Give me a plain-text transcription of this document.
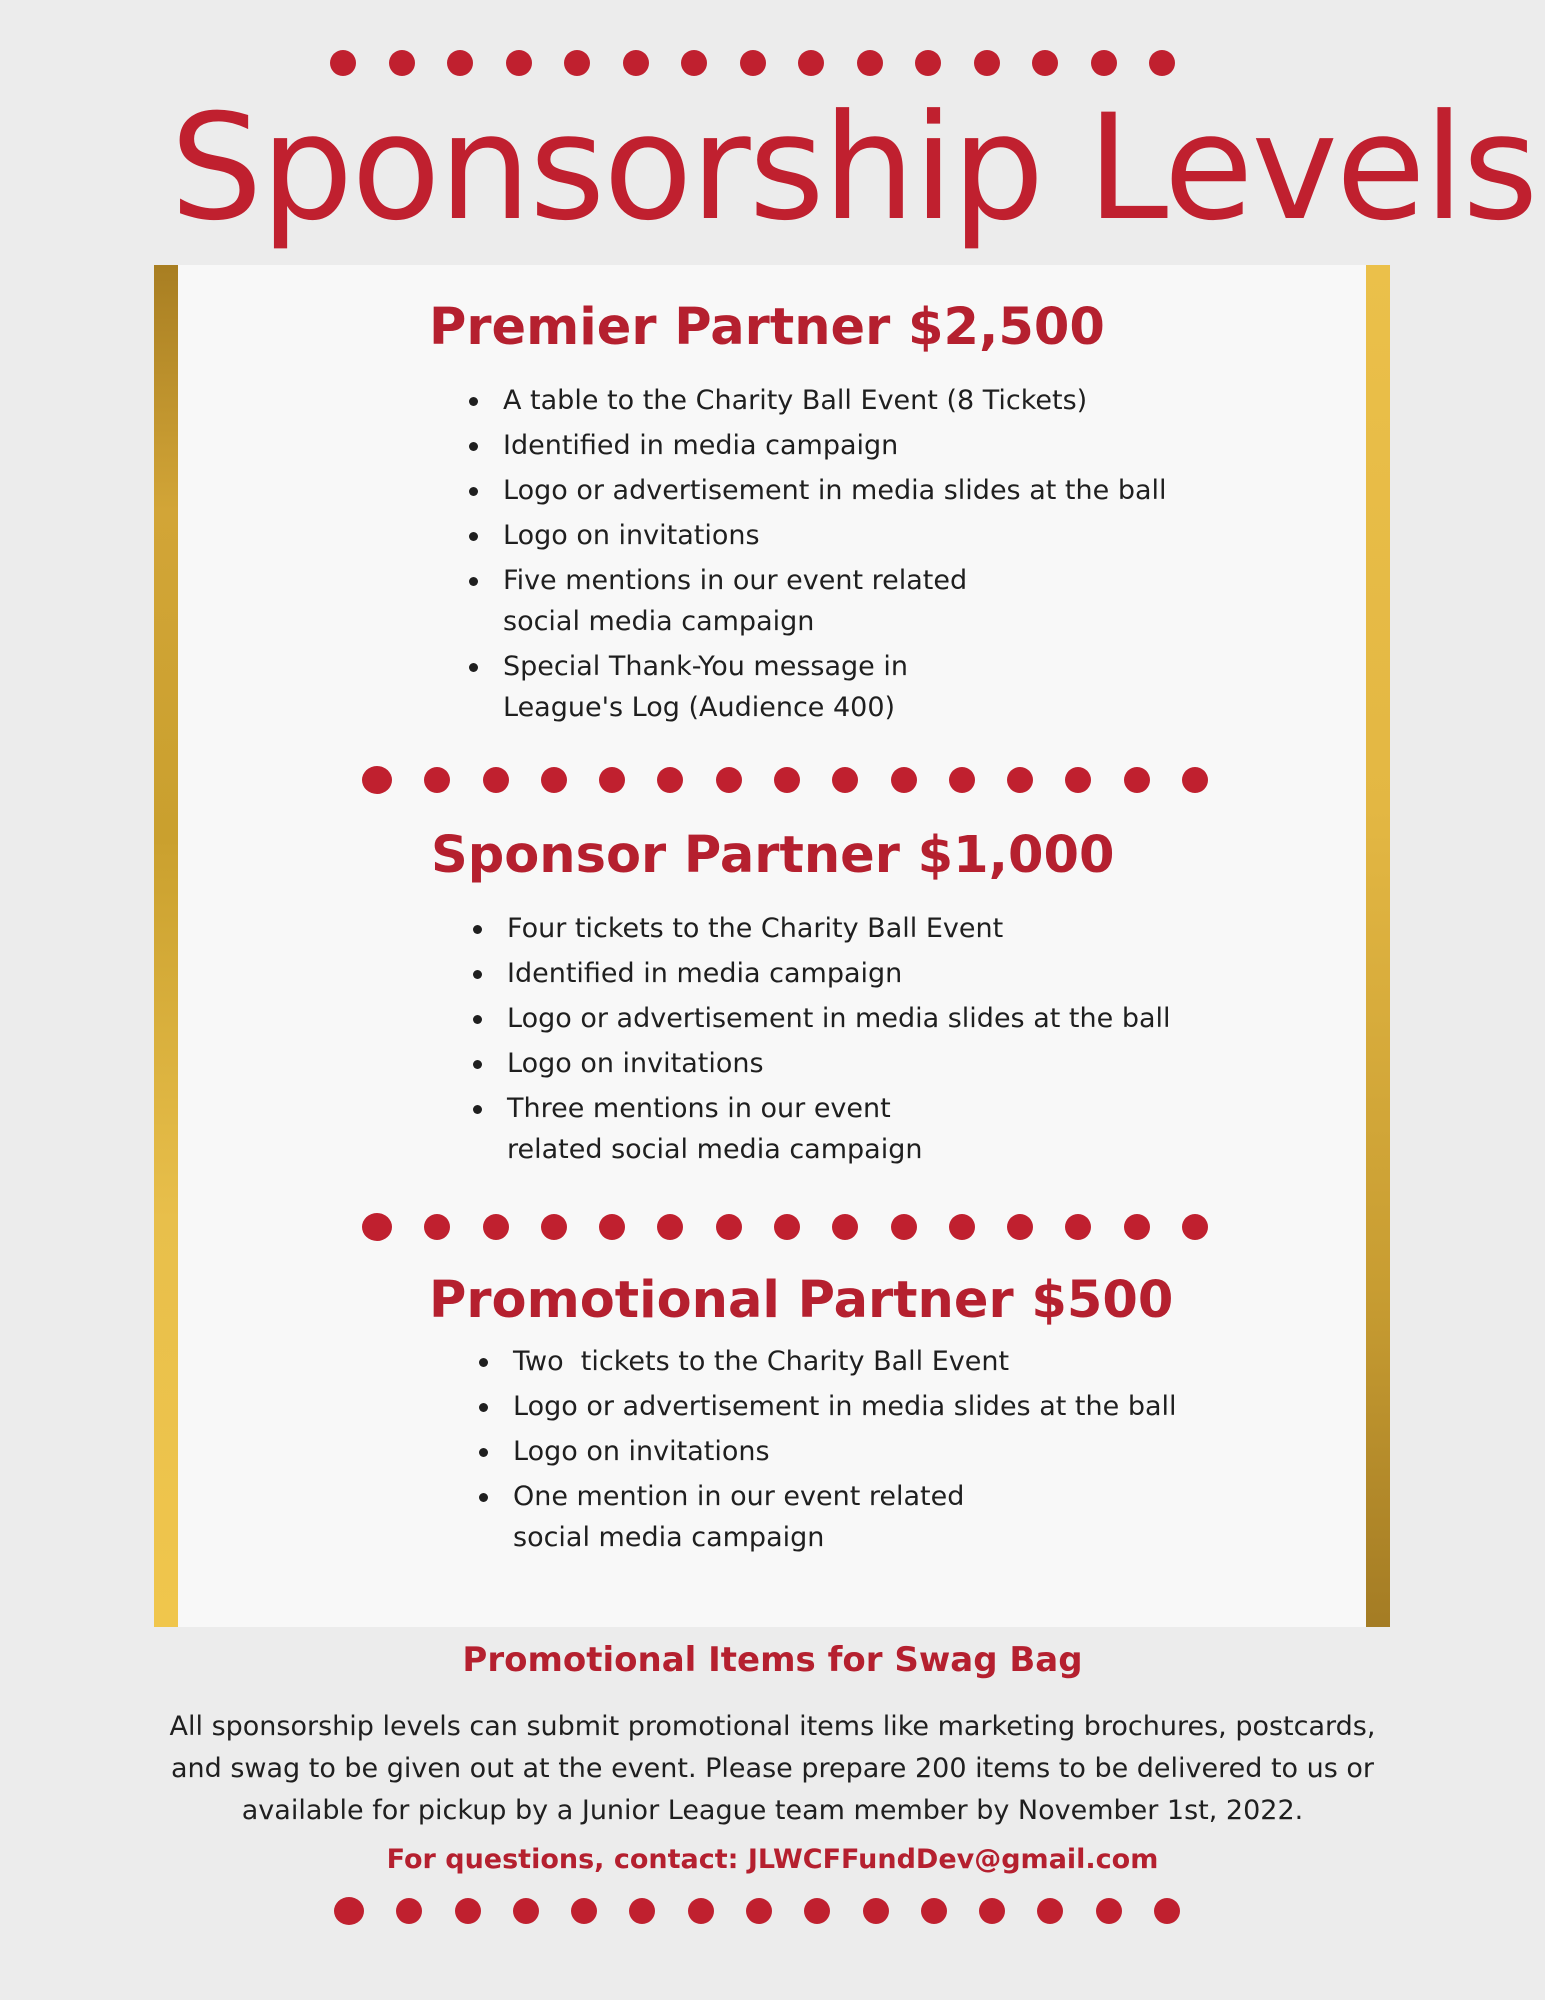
Sponsorship Levels
Premier Partner $2,500
A table to the Charity Ball Event (8 Tickets)
Identified in media campaign
Logo or advertisement in media slides at the ball
Logo on invitations
Five mentions in our event related social media campaign
Special Thank-You message in League's Log (Audience 400)
Sponsor Partner $1,000
Four tickets to the Charity Ball Event
Identified in media campaign
Logo or advertisement in media slides at the ball
Logo on invitations
Three mentions in our event related social media campaign
Promotional Partner $500
Two  tickets to the Charity Ball Event
Logo or advertisement in media slides at the ball
Logo on invitations
One mention in our event related social media campaign
Promotional Items for Swag Bag

All sponsorship levels can submit promotional items like marketing brochures, postcards, and swag to be given out at the event. Please prepare 200 items to be delivered to us or available for pickup by a Junior League team member by November 1st, 2022.

For questions, contact: JLWCFFundDev@gmail.com
